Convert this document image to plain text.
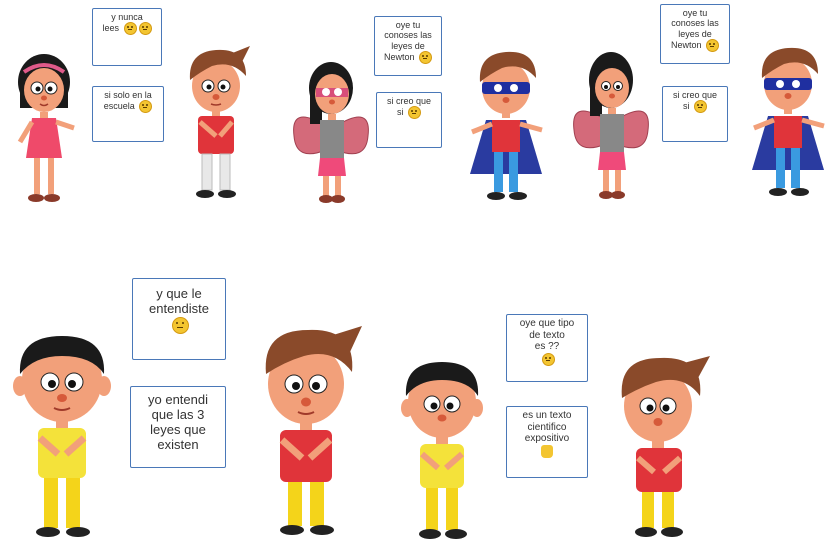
y nunca
lees
si solo en la
escuela
oye tu
conoses las
leyes de
Newton
si creo que
si
oye tu
conoses las
leyes de
Newton
si creo que
si
y que le
entendiste

yo entendi
que las 3
leyes que
existen
oye que tipo
de texto
es ??

es un texto
cientifico
expositivo
